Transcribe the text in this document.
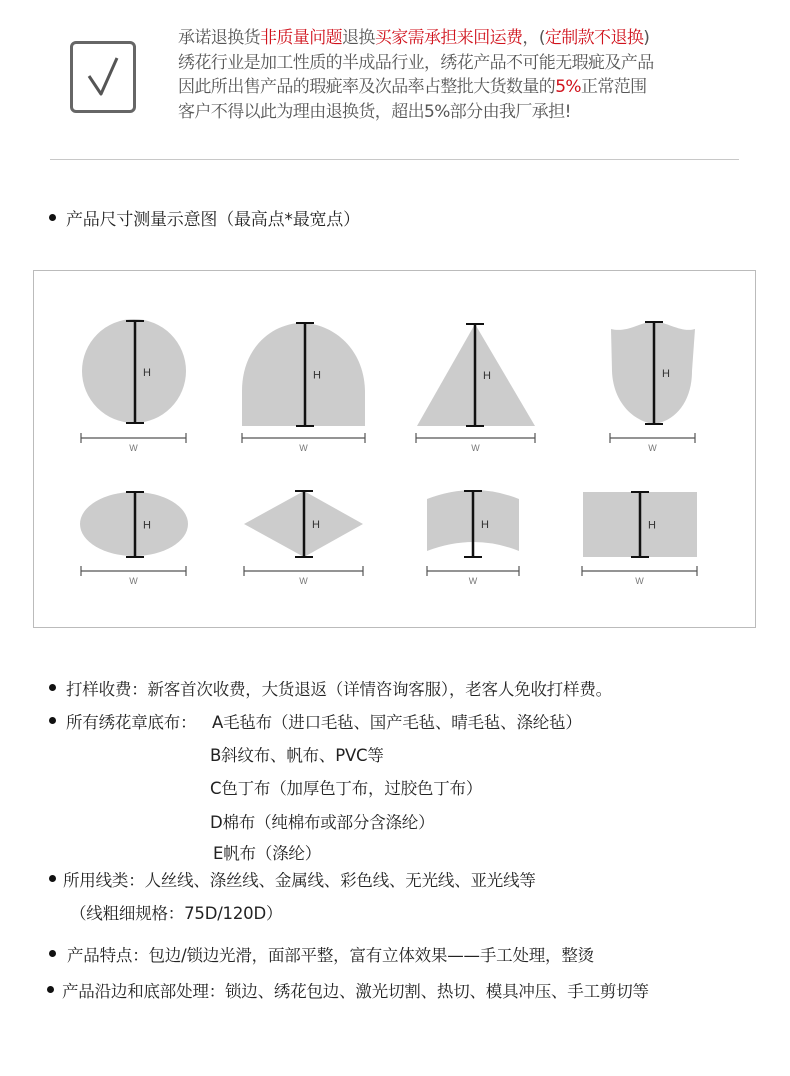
承诺退换货非质量问题退换买家需承担来回运费，(定制款不退换)

绣花行业是加工性质的半成品行业，绣花产品不可能无瑕疵及产品

因此所出售产品的瑕疵率及次品率占整批大货数量的5%正常范围

客户不得以此为理由退换货，超出5%部分由我厂承担!

产品尺寸测量示意图（最高点*最宽点）
H
W
H
W
H
W
H
W
H
W
H
W
H
W
H
W
打样收费：新客首次收费，大货退返（详情咨询客服），老客人免收打样费。
所有绣花章底布： A毛毡布（进口毛毡、国产毛毡、晴毛毡、涤纶毡）
B斜纹布、帆布、PVC等
C色丁布（加厚色丁布，过胶色丁布）
D棉布（纯棉布或部分含涤纶）
E帆布（涤纶）
所用线类：人丝线、涤丝线、金属线、彩色线、无光线、亚光线等
（线粗细规格：75D/120D）
产品特点：包边/锁边光滑，面部平整，富有立体效果——手工处理，整烫
产品沿边和底部处理：锁边、绣花包边、激光切割、热切、模具冲压、手工剪切等
